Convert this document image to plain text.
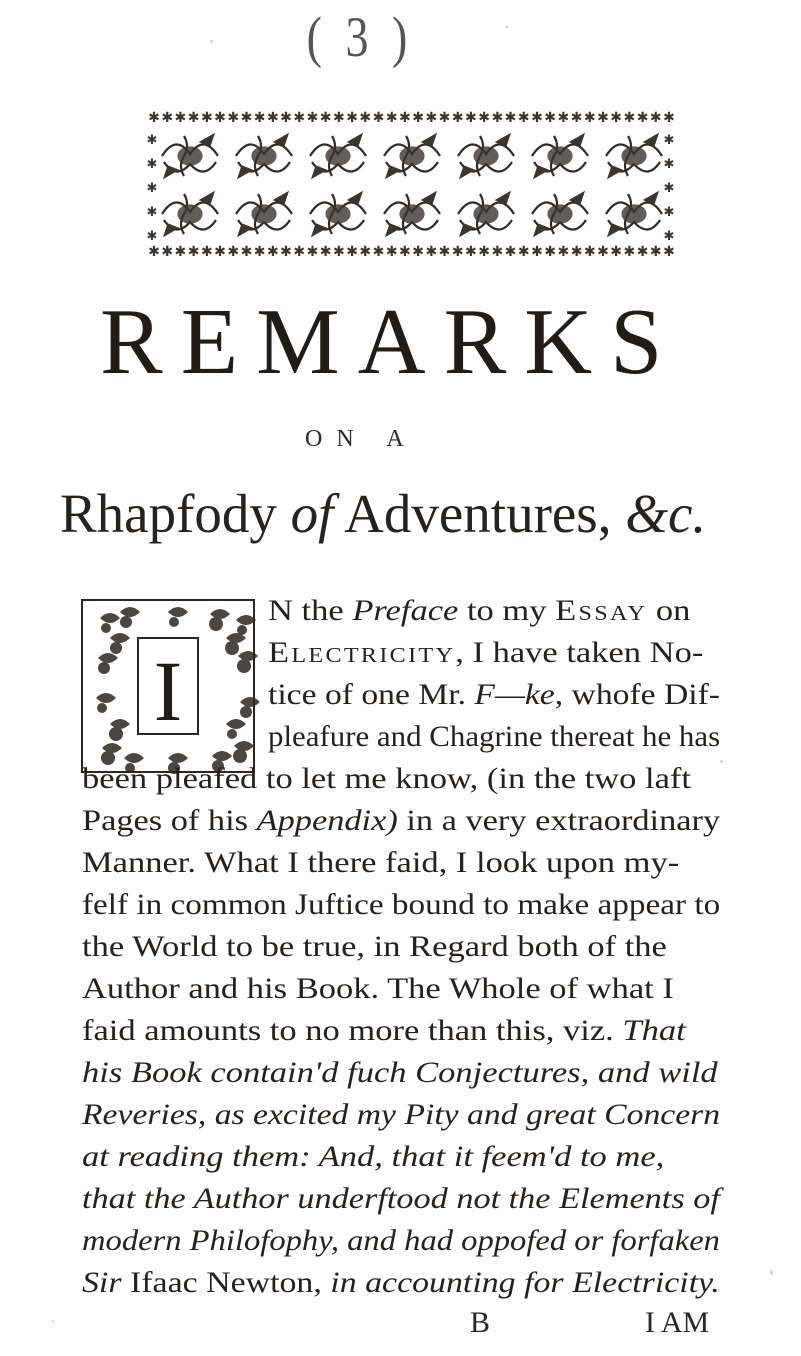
( 3 )
✱ ✱ ✱ ✱ ✱ ✱ ✱ ✱ ✱ ✱ ✱ ✱ ✱ ✱ ✱ ✱ ✱ ✱ ✱ ✱ ✱ ✱ ✱ ✱ ✱ ✱ ✱ ✱ ✱ ✱ ✱ ✱ ✱ ✱ ✱ ✱ ✱ ✱ ✱ ✱
✱ ✱ ✱ ✱ ✱ ✱ ✱ ✱ ✱ ✱ ✱ ✱ ✱ ✱ ✱ ✱ ✱ ✱ ✱ ✱ ✱ ✱ ✱ ✱ ✱ ✱ ✱ ✱ ✱ ✱ ✱ ✱ ✱ ✱ ✱ ✱ ✱ ✱ ✱ ✱
✱	✱
✱	✱
✱	✱
✱	✱
✱	✱
REMARKS
ON A
Rhapfody of Adventures, &c.
I
N the Preface to my Essay on
Electricity, I have taken No-
tice of one Mr. F—ke, whofe Dif-
pleafure and Chagrine thereat he has
been pleafed to let me know, (in the two laft
Pages of his Appendix) in a very extraordinary
Manner. What I there faid, I look upon my-
felf in common Juftice bound to make appear to
the World to be true, in Regard both of the
Author and his Book. The Whole of what I
faid amounts to no more than this, viz. That
his Book contain'd fuch Conjectures, and wild
Reveries, as excited my Pity and great Concern
at reading them: And, that it feem'd to me,
that the Author underftood not the Elements of
modern Philofophy, and had oppofed or forfaken
Sir Ifaac Newton, in accounting for Electricity.
B	I AM
